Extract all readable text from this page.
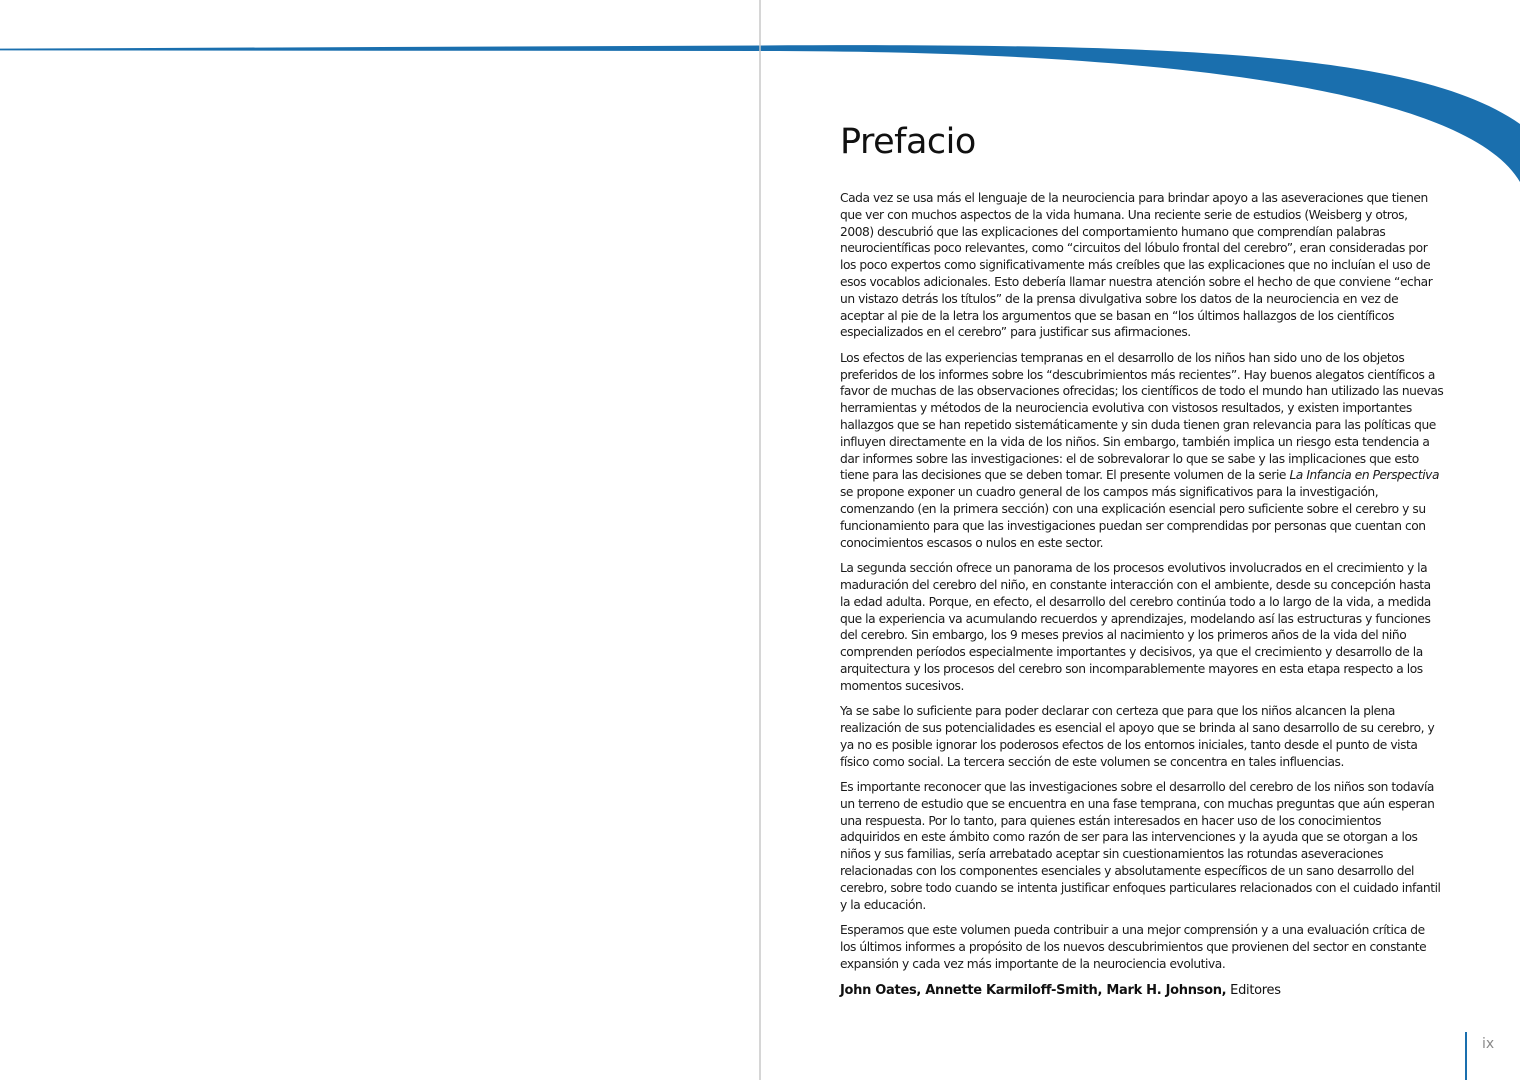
Prefacio

Cada vez se usa más el lenguaje de la neurociencia para brindar apoyo a las aseveraciones que tienen que ver con muchos aspectos de la vida humana. Una reciente serie de estudios (Weisberg y otros, 2008) descubrió que las explicaciones del comportamiento humano que comprendían palabras neurocientíficas poco relevantes, como “circuitos del lóbulo frontal del cerebro”, eran consideradas por los poco expertos como significativamente más creíbles que las explicaciones que no incluían el uso de esos vocablos adicionales. Esto debería llamar nuestra atención sobre el hecho de que conviene “echar un vistazo detrás los títulos” de la prensa divulgativa sobre los datos de la neurociencia en vez de aceptar al pie de la letra los argumentos que se basan en “los últimos hallazgos de los científicos especializados en el cerebro” para justificar sus afirmaciones.

Los efectos de las experiencias tempranas en el desarrollo de los niños han sido uno de los objetos preferidos de los informes sobre los “descubrimientos más recientes”. Hay buenos alegatos científicos a favor de muchas de las observaciones ofrecidas; los científicos de todo el mundo han utilizado las nuevas herramientas y métodos de la neurociencia evolutiva con vistosos resultados, y existen importantes hallazgos que se han repetido sistemáticamente y sin duda tienen gran relevancia para las políticas que influyen directamente en la vida de los niños. Sin embargo, también implica un riesgo esta tendencia a dar informes sobre las investigaciones: el de sobrevalorar lo que se sabe y las implicaciones que esto tiene para las decisiones que se deben tomar. El presente volumen de la serie La Infancia en Perspectiva se propone exponer un cuadro general de los campos más significativos para la investigación, comenzando (en la primera sección) con una explicación esencial pero suficiente sobre el cerebro y su funcionamiento para que las investigaciones puedan ser comprendidas por personas que cuentan con conocimientos escasos o nulos en este sector.

La segunda sección ofrece un panorama de los procesos evolutivos involucrados en el crecimiento y la maduración del cerebro del niño, en constante interacción con el ambiente, desde su concepción hasta la edad adulta. Porque, en efecto, el desarrollo del cerebro continúa todo a lo largo de la vida, a medida que la experiencia va acumulando recuerdos y aprendizajes, modelando así las estructuras y funciones del cerebro. Sin embargo, los 9 meses previos al nacimiento y los primeros años de la vida del niño comprenden períodos especialmente importantes y decisivos, ya que el crecimiento y desarrollo de la arquitectura y los procesos del cerebro son incomparablemente mayores en esta etapa respecto a los momentos sucesivos.

Ya se sabe lo suficiente para poder declarar con certeza que para que los niños alcancen la plena realización de sus potencialidades es esencial el apoyo que se brinda al sano desarrollo de su cerebro, y ya no es posible ignorar los poderosos efectos de los entornos iniciales, tanto desde el punto de vista físico como social. La tercera sección de este volumen se concentra en tales influencias.

Es importante reconocer que las investigaciones sobre el desarrollo del cerebro de los niños son todavía un terreno de estudio que se encuentra en una fase temprana, con muchas preguntas que aún esperan una respuesta. Por lo tanto, para quienes están interesados en hacer uso de los conocimientos adquiridos en este ámbito como razón de ser para las intervenciones y la ayuda que se otorgan a los niños y sus familias, sería arrebatado aceptar sin cuestionamientos las rotundas aseveraciones relacionadas con los componentes esenciales y absolutamente específicos de un sano desarrollo del cerebro, sobre todo cuando se intenta justificar enfoques particulares relacionados con el cuidado infantil y la educación.

Esperamos que este volumen pueda contribuir a una mejor comprensión y a una evaluación crítica de los últimos informes a propósito de los nuevos descubrimientos que provienen del sector en constante expansión y cada vez más importante de la neurociencia evolutiva.

John Oates, Annette Karmiloff-Smith, Mark H. Johnson, Editores

ix
